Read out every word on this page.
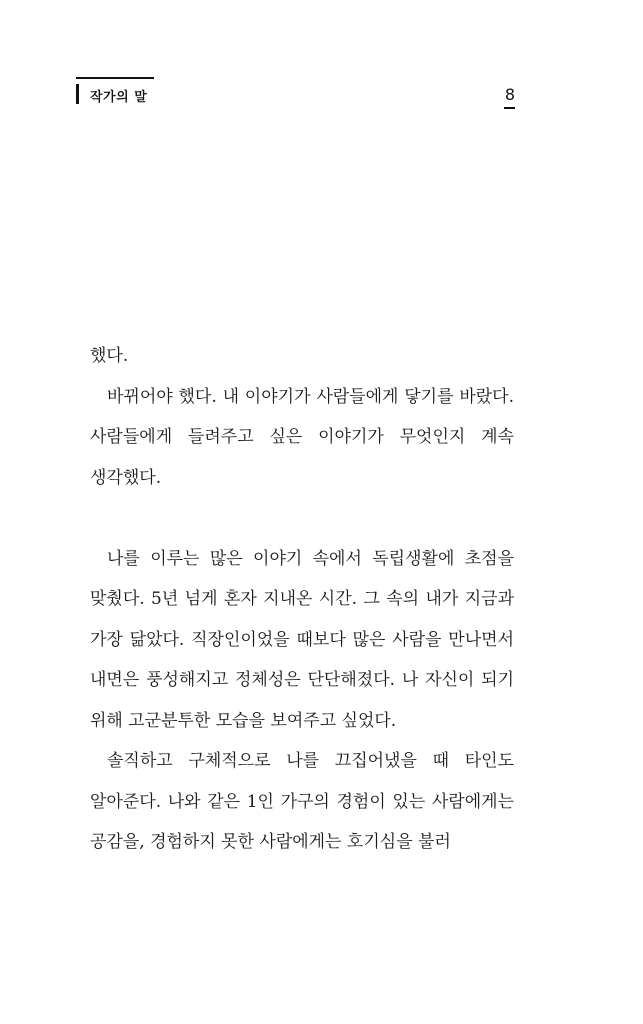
작가의 말	8

했다.

바뀌어야 했다. 내 이야기가 사람들에게 닿기를 바랐다. 사람들에게 들려주고 싶은 이야기가 무엇인지 계속 생각했다.

나를 이루는 많은 이야기 속에서 독립생활에 초점을 맞췄다. 5년 넘게 혼자 지내온 시간. 그 속의 내가 지금과 가장 닮았다. 직장인이었을 때보다 많은 사람을 만나면서 내면은 풍성해지고 정체성은 단단해졌다. 나 자신이 되기 위해 고군분투한 모습을 보여주고 싶었다.

솔직하고 구체적으로 나를 끄집어냈을 때 타인도 알아준다. 나와 같은 1인 가구의 경험이 있는 사람에게는 공감을, 경험하지 못한 사람에게는 호기심을 불러
